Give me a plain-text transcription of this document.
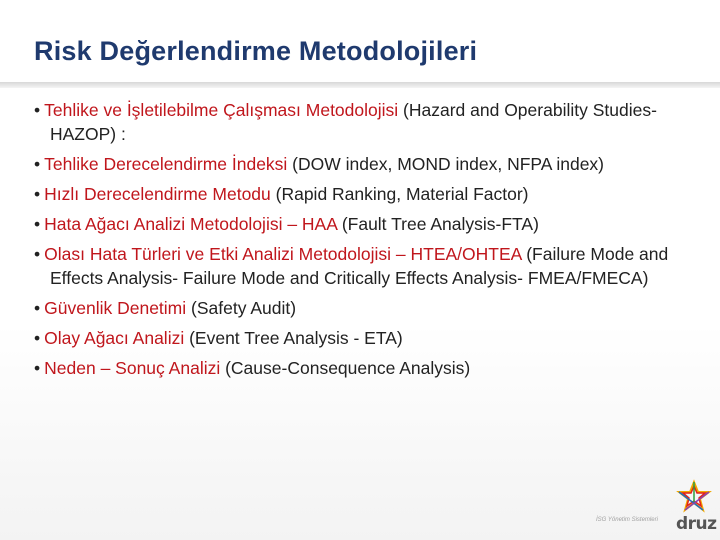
Risk Değerlendirme Metodolojileri
• Tehlike ve İşletilebilme Çalışması Metodolojisi (Hazard and Operability Studies-HAZOP) :
• Tehlike Derecelendirme İndeksi (DOW index, MOND index, NFPA index)
• Hızlı Derecelendirme Metodu (Rapid Ranking, Material Factor)
• Hata Ağacı Analizi Metodolojisi – HAA (Fault Tree Analysis-FTA)
• Olası Hata Türleri ve Etki Analizi Metodolojisi – HTEA/OHTEA (Failure Mode and Effects Analysis- Failure Mode and Critically Effects Analysis- FMEA/FMECA)
• Güvenlik Denetimi (Safety Audit)
• Olay Ağacı Analizi (Event Tree Analysis - ETA)
• Neden – Sonuç Analizi (Cause-Consequence Analysis)
İSG Yönetim Sistemleri druz
